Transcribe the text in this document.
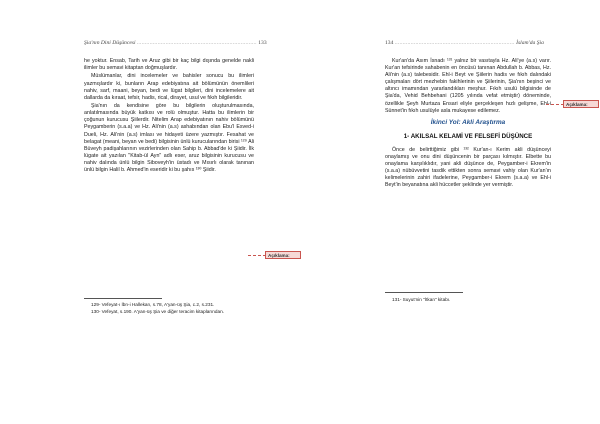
Şia'nın Dini Düşüncesi ........................................................................... 133

he yoktur. Ensab, Tarih ve Aruz gibi bir kaç bilgi dışında genelde nakli ilimler bu semavi kitaptan doğmuşlardır.

Müslümanlar, dini incelemeler ve bahisler sonucu bu ilimleri yazmışlardır ki, bunların Arap edebiyatına ait bölümünün önemlileri nahiv, sarf, maani, beyan, bedi ve lügat bilgileri, dini incelemelere ait dallarda da kıraat, tefsir, hadis, rical, dirayet, usul ve fıkıh bilgileridir.

Şia'nın da kendisine göre bu bilgilerin oluşturulmasında, anlatılmasında büyük katkısı ve rolü olmuştur. Hatta bu ilimlerin bir çoğunun kurucusu Şiilerdir. Nitelim Arap edebiyatının nahiv bölümünü Peygamberin (s.a.a) ve Hz. Ali'nin (a.s) ashabından olan Ebu'l Esved-i Dueli, Hz. Ali'nin (a.s) imlası ve hidayeti üzere yazmıştır. Fesahat ve belagat (meani, beyan ve bedi) bilgisinin ünlü kurucularından birisi ¹²⁹ Ali Büveyh padişahlarının vezirlerinden olan Sahip b. Abbad'de ki Şiidir. İlk lügate ait yazılan "Kitab-ül Ayn" adlı eser, aruz bilgisinin kurucusu ve nahiv dalında ünlü bilgin Siboveyh'in üstadı ve Mısırlı olarak tanınan ünlü bilgin Halil b. Ahmed'in eseridir ki bu şahıs ¹³⁰ Şiidir.

129- Vefeyat-ı İbn-i Hallekan, s.78, A'yan-üş Şia, c.2, s.231.

130- Vefeyat, s.190. A'yan-üş Şia ve diğer teracim kitaplarından.

Açıklama:
134 ........................................................................... İslam'da Şia

Kur'an'da Asım İsnadı ¹³¹ yalnız bir vasıtayla Hz. Ali'ye (a.s) varır. Kur'an tefsirinde sahabenin en öncüsü tanınan Abdullah b. Abbas, Hz. Ali'nin (a.s) talebesidir. Ehl-i Beyt ve Şiilerin hadis ve fıkıh dalındaki çalışmaları dört mezhebin fakihlerinin ve Şiilerinin, Şia'nın beşinci ve altıncı imamından yararlandıkları meşhur. Fıkıh usulü bilgisinde de Şia'da, Vehid Behbehani (1205 yılında vefat etmiştir) döneminde, özellikle Şeyh Murtaza Ensari eliyle gerçekleşen hızlı gelişme, Ehl-i Sünnet'in fıkıh usulüyle asla mukayese edilemez.

İkinci Yol: Akli Araştırma
1- AKILSAL KELAMİ VE FELSEFİ DÜŞÜNCE

Önce de belirttiğimiz gibi ¹³² Kur'an-ı Kerim akli düşünceyi onaylamış ve onu dini düşüncenin bir parçası kılmıştır. Elbette bu onaylama karşılıklıdır, yani akli düşünce de, Peygamber-i Ekrem'in (s.a.a) nübüvvetini tasdik ettikten sonra semavi vahiy olan Kur'an'ın kelimelerinin zahiri ifadelerine, Peygamber-i Ekrem (s.a.a) ve Ehl-i Beyt'in beyanatına akli hüccetler şeklinde yer vermiştir.

131- Suyut'nin "İtkan" kitabı.

Açıklama:
